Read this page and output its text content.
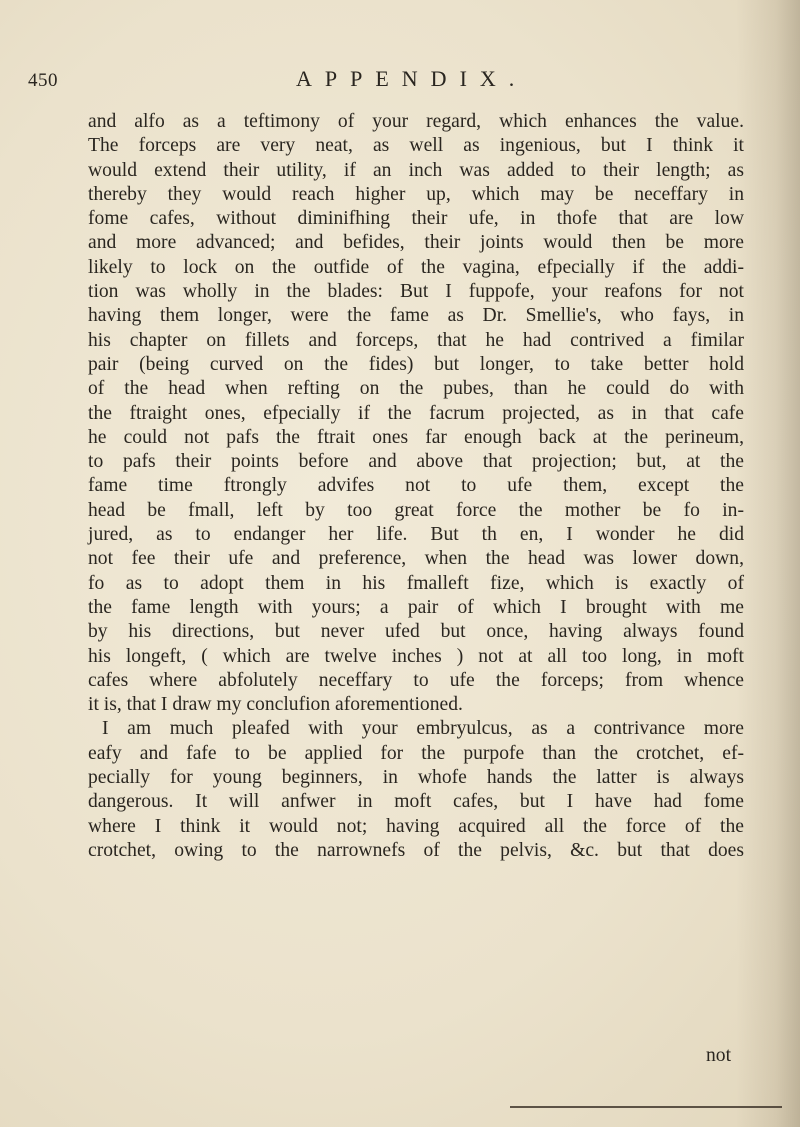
450	APPENDIX.
and alfo as a teftimony of your regard, which enhances the value.
The forceps are very neat, as well as ingenious, but I think it
would extend their utility, if an inch was added to their length; as
thereby they would reach higher up, which may be neceffary in
fome cafes, without diminifhing their ufe, in thofe that are low
and more advanced; and befides, their joints would then be more
likely to lock on the outfide of the vagina, efpecially if the addi-
tion was wholly in the blades: But I fuppofe, your reafons for not
having them longer, were the fame as Dr. Smellie's, who fays, in
his chapter on fillets and forceps, that he had contrived a fimilar
pair (being curved on the fides) but longer, to take better hold
of the head when refting on the pubes, than he could do with
the ftraight ones, efpecially if the facrum projected, as in that cafe
he could not pafs the ftrait ones far enough back at the perineum,
to pafs their points before and above that projection; but, at the
fame time ftrongly advifes not to ufe them, except the
head be fmall, left by too great force the mother be fo in-
jured, as to endanger her life. But th en, I wonder he did
not fee their ufe and preference, when the head was lower down,
fo as to adopt them in his fmalleft fize, which is exactly of
the fame length with yours; a pair of which I brought with me
by his directions, but never ufed but once, having always found
his longeft, ( which are twelve inches ) not at all too long, in moft
cafes where abfolutely neceffary to ufe the forceps; from whence
it is, that I draw my conclufion aforementioned.
I am much pleafed with your embryulcus, as a contrivance more
eafy and fafe to be applied for the purpofe than the crotchet, ef-
pecially for young beginners, in whofe hands the latter is always
dangerous. It will anfwer in moft cafes, but I have had fome
where I think it would not; having acquired all the force of the
crotchet, owing to the narrownefs of the pelvis, &c. but that does
not
